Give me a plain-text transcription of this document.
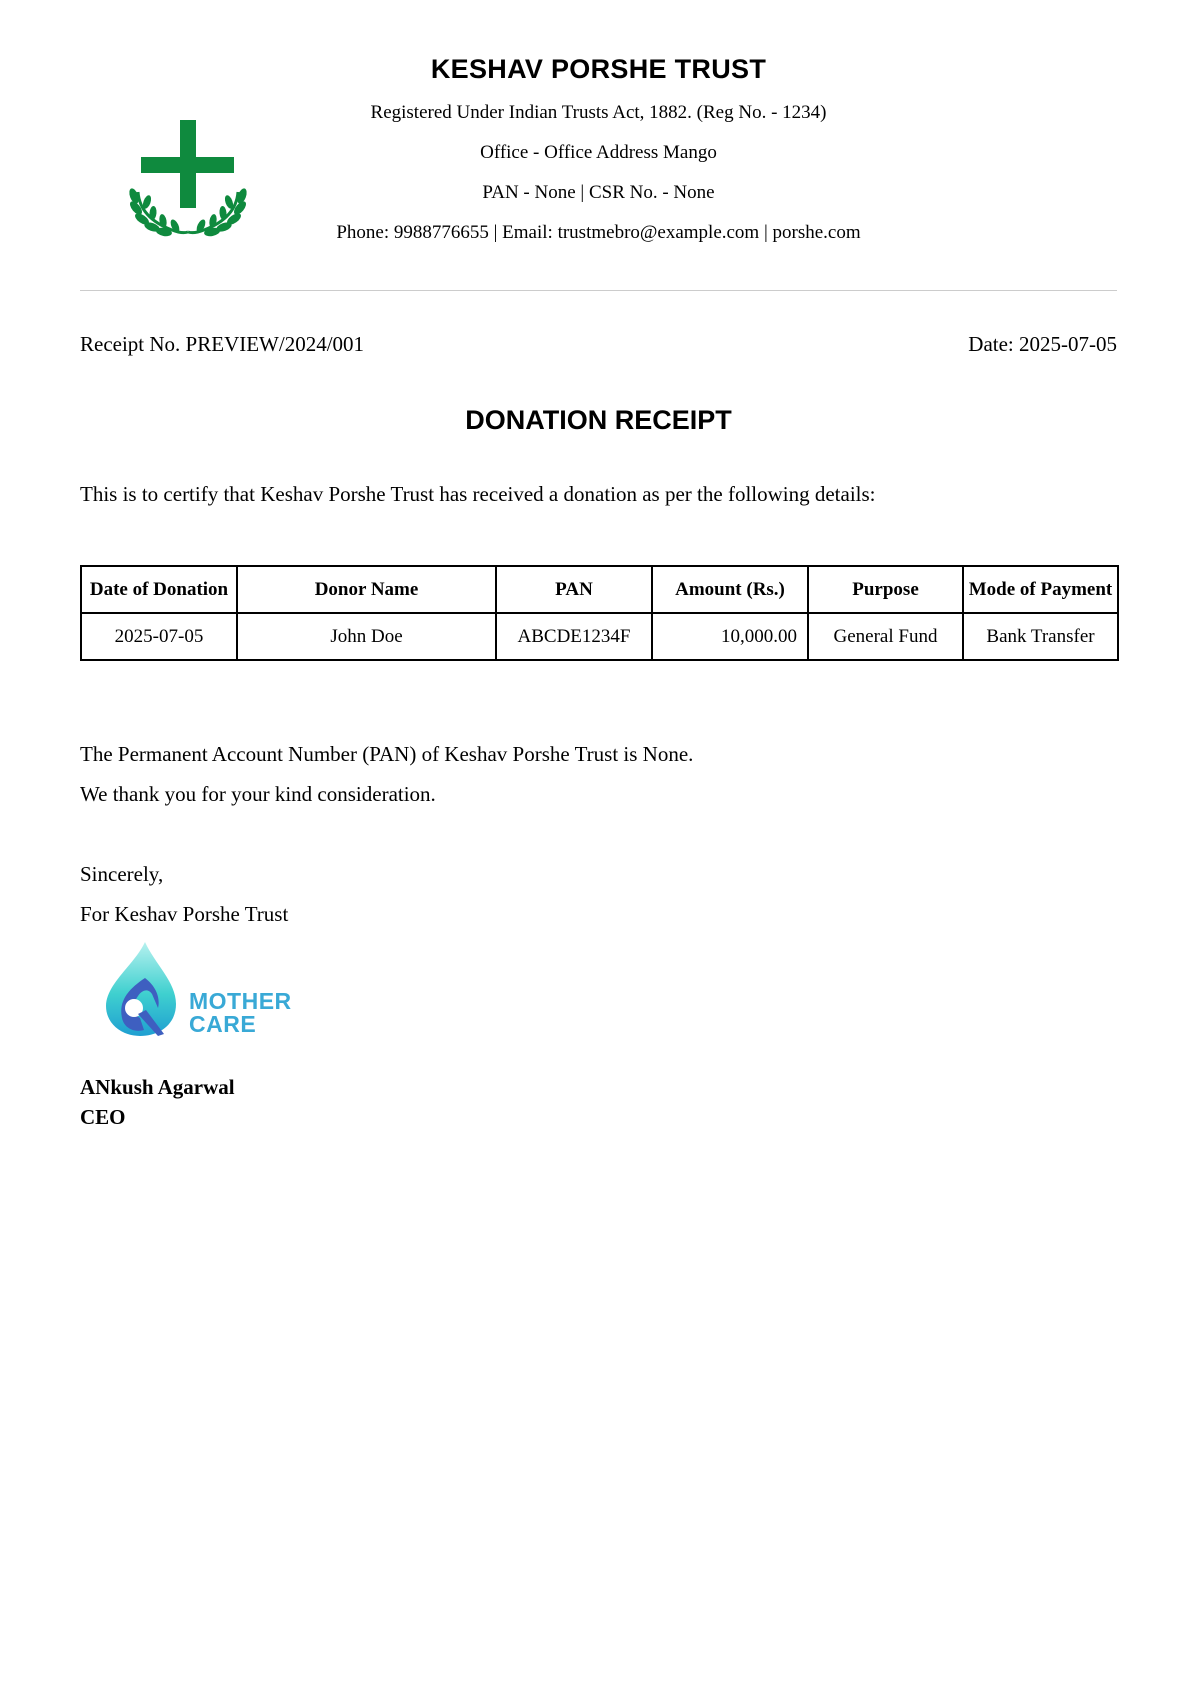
KESHAV PORSHE TRUST
Registered Under Indian Trusts Act, 1882. (Reg No. - 1234)
Office - Office Address Mango
PAN - None | CSR No. - None
Phone: 9988776655 | Email: trustmebro@example.com | porshe.com
Receipt No. PREVIEW/2024/001	Date: 2025-07-05
DONATION RECEIPT
This is to certify that Keshav Porshe Trust has received a donation as per the following details:
Date of Donation	Donor Name	PAN	Amount (Rs.)	Purpose	Mode of Payment
2025-07-05	John Doe	ABCDE1234F	10,000.00	General Fund	Bank Transfer
The Permanent Account Number (PAN) of Keshav Porshe Trust is None.
We thank you for your kind consideration.
Sincerely,
For Keshav Porshe Trust
MOTHER
CARE
ANkush Agarwal
CEO
